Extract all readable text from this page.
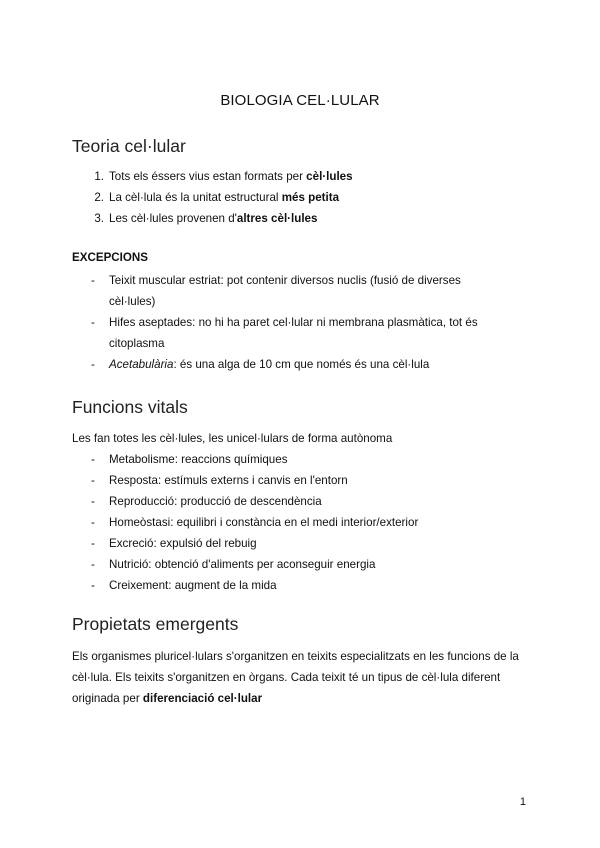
BIOLOGIA CEL·LULAR
Teoria cel·lular
1. Tots els éssers vius estan formats per cèl·lules
2. La cèl·lula és la unitat estructural més petita
3. Les cèl·lules provenen d'altres cèl·lules
EXCEPCIONS
-	Teixit muscular estriat: pot contenir diversos nuclis (fusió de diverses cèl·lules)
-	Hifes aseptades: no hi ha paret cel·lular ni membrana plasmàtica, tot és citoplasma
-	Acetabulària: és una alga de 10 cm que només és una cèl·lula
Funcions vitals
Les fan totes les cèl·lules, les unicel·lulars de forma autònoma
-	Metabolisme: reaccions químiques
-	Resposta: estímuls externs i canvis en l'entorn
-	Reproducció: producció de descendència
-	Homeòstasi: equilibri i constància en el medi interior/exterior
-	Excreció: expulsió del rebuig
-	Nutrició: obtenció d'aliments per aconseguir energia
-	Creixement: augment de la mida
Propietats emergents
Els organismes pluricel·lulars s'organitzen en teixits especialitzats en les funcions de la cèl·lula. Els teixits s'organitzen en òrgans. Cada teixit té un tipus de cèl·lula diferent originada per diferenciació cel·lular
1
